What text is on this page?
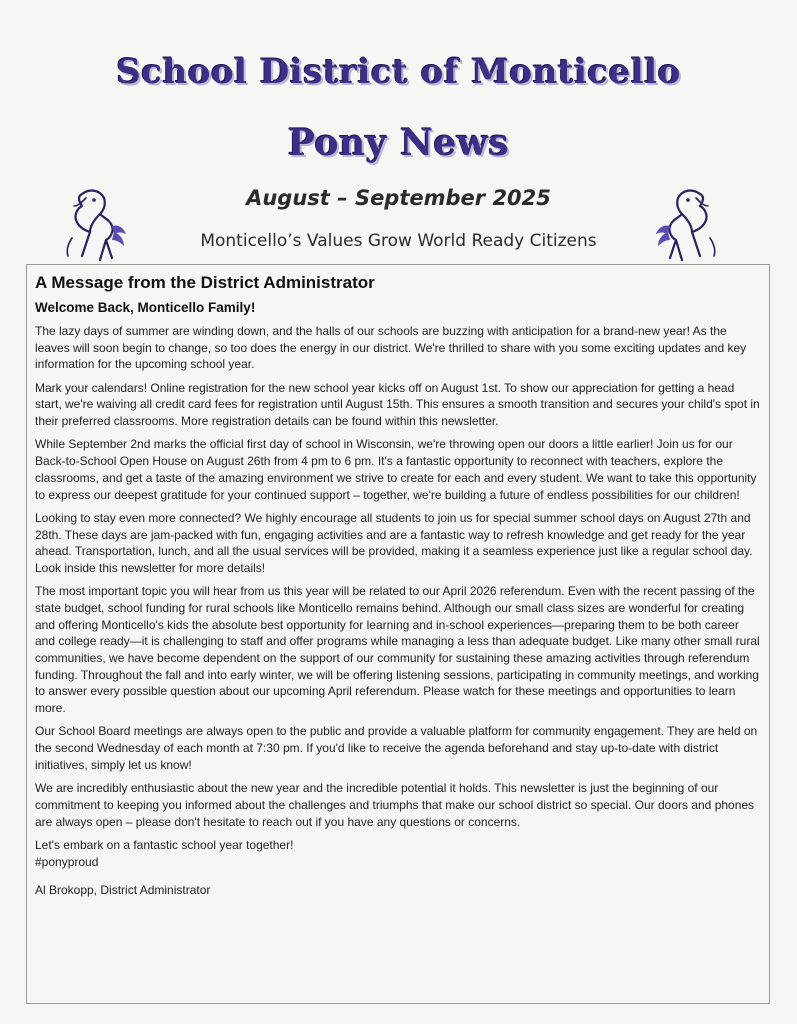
School District of Monticello
Pony News
August – September 2025
Monticello’s Values Grow World Ready Citizens
A Message from the District Administrator
Welcome Back, Monticello Family!

The lazy days of summer are winding down, and the halls of our schools are buzzing with anticipation for a brand-new year! As the leaves will soon begin to change, so too does the energy in our district. We're thrilled to share with you some exciting updates and key information for the upcoming school year.

Mark your calendars! Online registration for the new school year kicks off on August 1st. To show our appreciation for getting a head start, we're waiving all credit card fees for registration until August 15th. This ensures a smooth transition and secures your child's spot in their preferred classrooms. More registration details can be found within this newsletter.

While September 2nd marks the official first day of school in Wisconsin, we're throwing open our doors a little earlier! Join us for our Back-to-School Open House on August 26th from 4 pm to 6 pm. It's a fantastic opportunity to reconnect with teachers, explore the classrooms, and get a taste of the amazing environment we strive to create for each and every student. We want to take this opportunity to express our deepest gratitude for your continued support – together, we're building a future of endless possibilities for our children!

Looking to stay even more connected? We highly encourage all students to join us for special summer school days on August 27th and 28th. These days are jam-packed with fun, engaging activities and are a fantastic way to refresh knowledge and get ready for the year ahead. Transportation, lunch, and all the usual services will be provided, making it a seamless experience just like a regular school day. Look inside this newsletter for more details!

The most important topic you will hear from us this year will be related to our April 2026 referendum. Even with the recent passing of the state budget, school funding for rural schools like Monticello remains behind. Although our small class sizes are wonderful for creating and offering Monticello's kids the absolute best opportunity for learning and in-school experiences—preparing them to be both career and college ready—it is challenging to staff and offer programs while managing a less than adequate budget. Like many other small rural communities, we have become dependent on the support of our community for sustaining these amazing activities through referendum funding. Throughout the fall and into early winter, we will be offering listening sessions, participating in community meetings, and working to answer every possible question about our upcoming April referendum. Please watch for these meetings and opportunities to learn more.

Our School Board meetings are always open to the public and provide a valuable platform for community engagement. They are held on the second Wednesday of each month at 7:30 pm. If you'd like to receive the agenda beforehand and stay up-to-date with district initiatives, simply let us know!

We are incredibly enthusiastic about the new year and the incredible potential it holds. This newsletter is just the beginning of our commitment to keeping you informed about the challenges and triumphs that make our school district so special. Our doors and phones are always open – please don't hesitate to reach out if you have any questions or concerns.

Let's embark on a fantastic school year together!
#ponyproud
Al Brokopp, District Administrator
